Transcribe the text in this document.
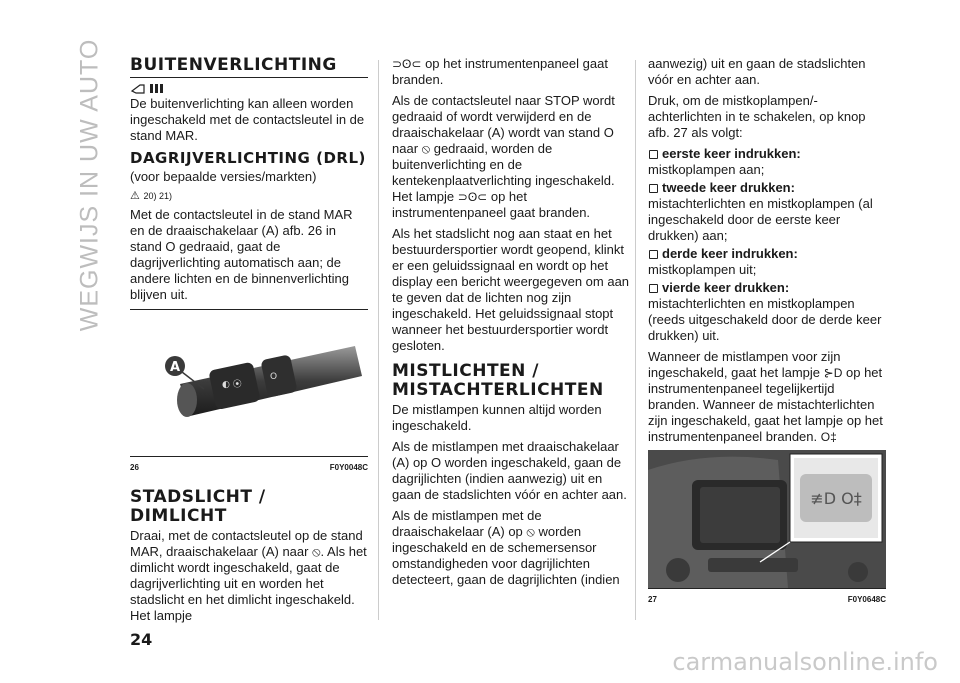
WEGWIJS IN UW AUTO BUITENVERLICHTING

De buitenverlichting kan alleen worden ingeschakeld met de contactsleutel in de stand MAR.

DAGRIJVERLICHTING (DRL)

(voor bepaalde versies/markten)

⚠ 20) 21)

Met de contactsleutel in de stand MAR en de draaischakelaar (A) afb. 26 in stand O gedraaid, gaat de dagrijverlichting automatisch aan; de andere lichten en de binnenverlichting blijven uit.

◐ ⦿
O
A
26	F0Y0048C
STADSLICHT / DIMLICHT

Draai, met de contactsleutel op de stand MAR, draaischakelaar (A) naar ⦸. Als het dimlicht wordt ingeschakeld, gaat de dagrijverlichting uit en worden het stadslicht en het dimlicht ingeschakeld. Het lampje

⊃ʘ⊂ op het instrumentenpaneel gaat branden.

Als de contactsleutel naar STOP wordt gedraaid of wordt verwijderd en de draaischakelaar (A) wordt van stand O naar ⦸ gedraaid, worden de buitenverlichting en de kentekenplaatverlichting ingeschakeld. Het lampje ⊃ʘ⊂ op het instrumentenpaneel gaat branden.

Als het stadslicht nog aan staat en het bestuurdersportier wordt geopend, klinkt er een geluidssignaal en wordt op het display een bericht weergegeven om aan te geven dat de lichten nog zijn ingeschakeld. Het geluidssignaal stopt wanneer het bestuurdersportier wordt gesloten.

MISTLICHTEN / MISTACHTERLICHTEN

De mistlampen kunnen altijd worden ingeschakeld.

Als de mistlampen met draaischakelaar (A) op O worden ingeschakeld, gaan de dagrijlichten (indien aanwezig) uit en gaan de stadslichten vóór en achter aan.

Als de mistlampen met de draaischakelaar (A) op ⦸ worden ingeschakeld en de schemersensor omstandigheden voor dagrijlichten detecteert, gaan de dagrijlichten (indien

aanwezig) uit en gaan de stadslichten vóór en achter aan.

Druk, om de mistkoplampen/-achterlichten in te schakelen, op knop afb. 27 als volgt:

eerste keer indrukken:
mistkoplampen aan;
tweede keer drukken:
mistachterlichten en mistkoplampen (al ingeschakeld door de eerste keer drukken) aan;
derde keer indrukken:
mistkoplampen uit;
vierde keer drukken:
mistachterlichten en mistkoplampen (reeds uitgeschakeld door de derde keer drukken) uit.

Wanneer de mistlampen voor zijn ingeschakeld, gaat het lampje ⊱D op het instrumentenpaneel tegelijkertijd branden. Wanneer de mistachterlichten zijn ingeschakeld, gaat het lampje op het instrumentenpaneel branden. O‡

≢D O‡
27	F0Y0648C
24
carmanualsonline.info
